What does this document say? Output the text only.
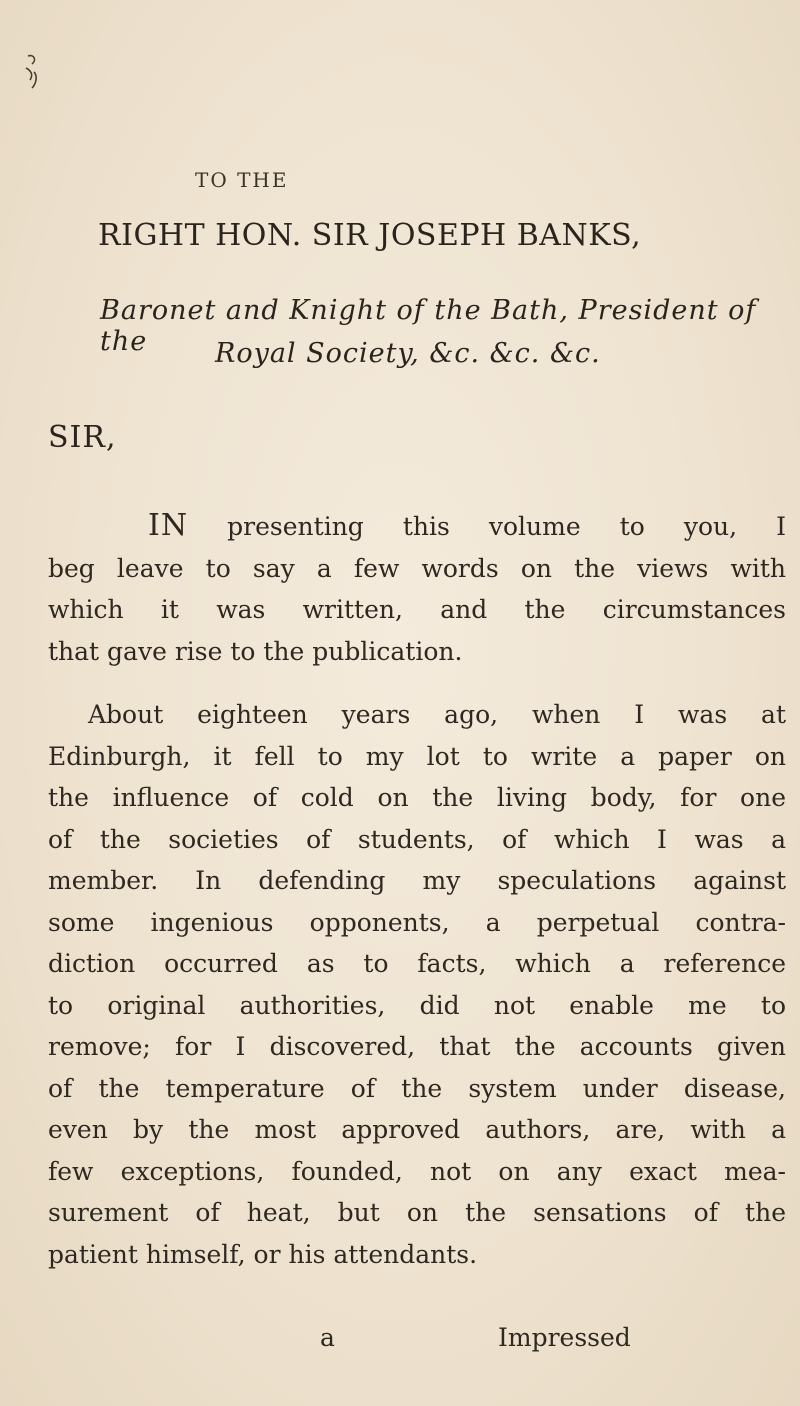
TO THE
RIGHT HON. SIR JOSEPH BANKS,
Baronet and Knight of the Bath, President of the	Royal Society, &c. &c. &c.
SIR,
IN presenting this volume to you, I
beg leave to say a few words on the views with
which it was written, and the circumstances
that gave rise to the publication.
About eighteen years ago, when I was at
Edinburgh, it fell to my lot to write a paper on
the influence of cold on the living body, for one
of the societies of students, of which I was a
member. In defending my speculations against
some ingenious opponents, a perpetual contra-
diction occurred as to facts, which a reference
to original authorities, did not enable me to
remove; for I discovered, that the accounts given
of the temperature of the system under disease,
even by the most approved authors, are, with a
few exceptions, founded, not on any exact mea-
surement of heat, but on the sensations of the
patient himself, or his attendants.
a	Impressed
